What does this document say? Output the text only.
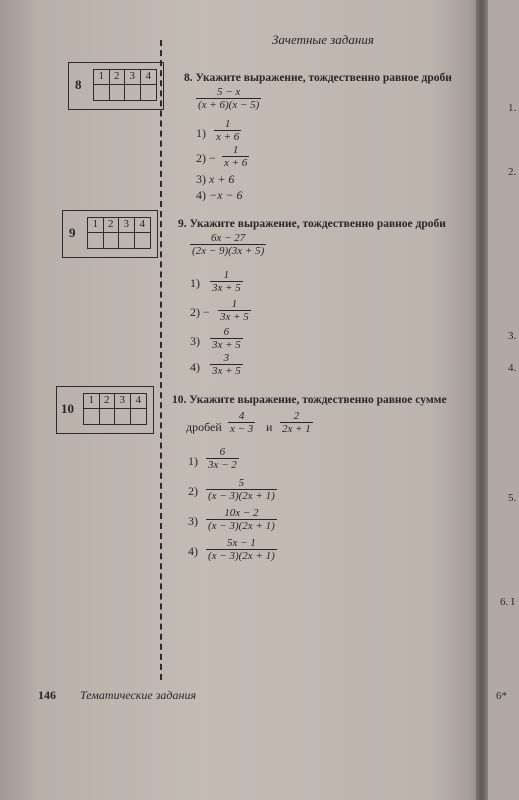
1.
2.
3.
4.
5.
6. I
6*
Зачетные задания
8
1 2 3 4
9
1 2 3 4
10
1 2 3 4
8. Укажите выражение, тождественно равное дроби
$\frac{5 - x}{(x + 6)(x - 5)}$
$1) \frac{1}{x + 6}$
$2) - \frac{1}{x + 6}$
3) x + 6
4) −x − 6
9. Укажите выражение, тождественно равное дроби
$\frac{6x - 27}{(2x - 9)(3x + 5)}$
$1) \frac{1}{3x + 5}$
$2) - \frac{1}{3x + 5}$
$3) \frac{6}{3x + 5}$
$4) \frac{3}{3x + 5}$
10. Укажите выражение, тождественно равное сумме
дробей $\frac{4}{x - 3}$ и $\frac{2}{2x + 1}$
$1) \frac{6}{3x - 2}$
$2) \frac{5}{(x - 3)(2x + 1)}$
$3) \frac{10x - 2}{(x - 3)(2x + 1)}$
$4) \frac{5x - 1}{(x - 3)(2x + 1)}$
146 Тематические задания
